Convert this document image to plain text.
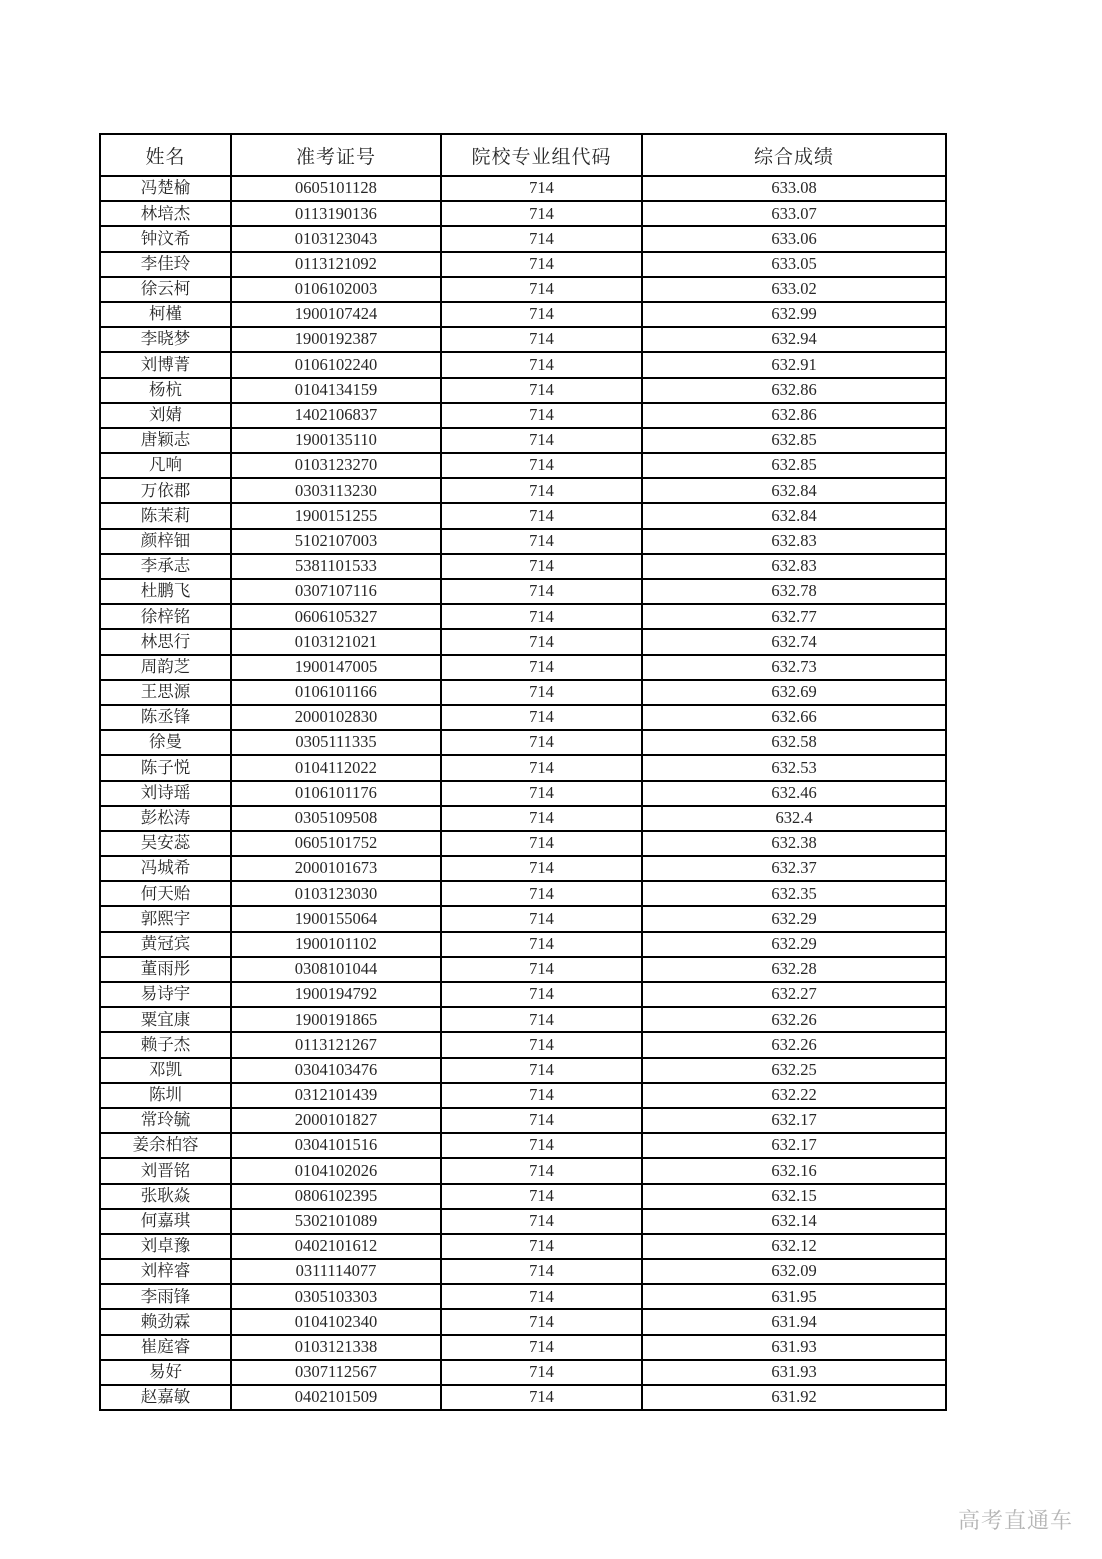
姓名	准考证号	院校专业组代码	综合成绩
冯楚榆	0605101128	714	633.08
林培杰	0113190136	714	633.07
钟汶希	0103123043	714	633.06
李佳玲	0113121092	714	633.05
徐云柯	0106102003	714	633.02
柯槿	1900107424	714	632.99
李晓梦	1900192387	714	632.94
刘博菁	0106102240	714	632.91
杨杭	0104134159	714	632.86
刘婧	1402106837	714	632.86
唐颖志	1900135110	714	632.85
凡响	0103123270	714	632.85
万依郡	0303113230	714	632.84
陈茉莉	1900151255	714	632.84
颜梓钿	5102107003	714	632.83
李承志	5381101533	714	632.83
杜鹏飞	0307107116	714	632.78
徐梓铭	0606105327	714	632.77
林思行	0103121021	714	632.74
周韵芝	1900147005	714	632.73
王思源	0106101166	714	632.69
陈丞锋	2000102830	714	632.66
徐曼	0305111335	714	632.58
陈子悦	0104112022	714	632.53
刘诗瑶	0106101176	714	632.46
彭松涛	0305109508	714	632.4
吴安蕊	0605101752	714	632.38
冯城希	2000101673	714	632.37
何天贻	0103123030	714	632.35
郭熙宇	1900155064	714	632.29
黄冠宾	1900101102	714	632.29
董雨彤	0308101044	714	632.28
易诗宇	1900194792	714	632.27
粟宜康	1900191865	714	632.26
赖子杰	0113121267	714	632.26
邓凯	0304103476	714	632.25
陈圳	0312101439	714	632.22
常玲毓	2000101827	714	632.17
姜余柏容	0304101516	714	632.17
刘晋铭	0104102026	714	632.16
张耿焱	0806102395	714	632.15
何嘉琪	5302101089	714	632.14
刘卓豫	0402101612	714	632.12
刘梓睿	0311114077	714	632.09
李雨锋	0305103303	714	631.95
赖劲霖	0104102340	714	631.94
崔庭睿	0103121338	714	631.93
易好	0307112567	714	631.93
赵嘉敏	0402101509	714	631.92
高考直通车
